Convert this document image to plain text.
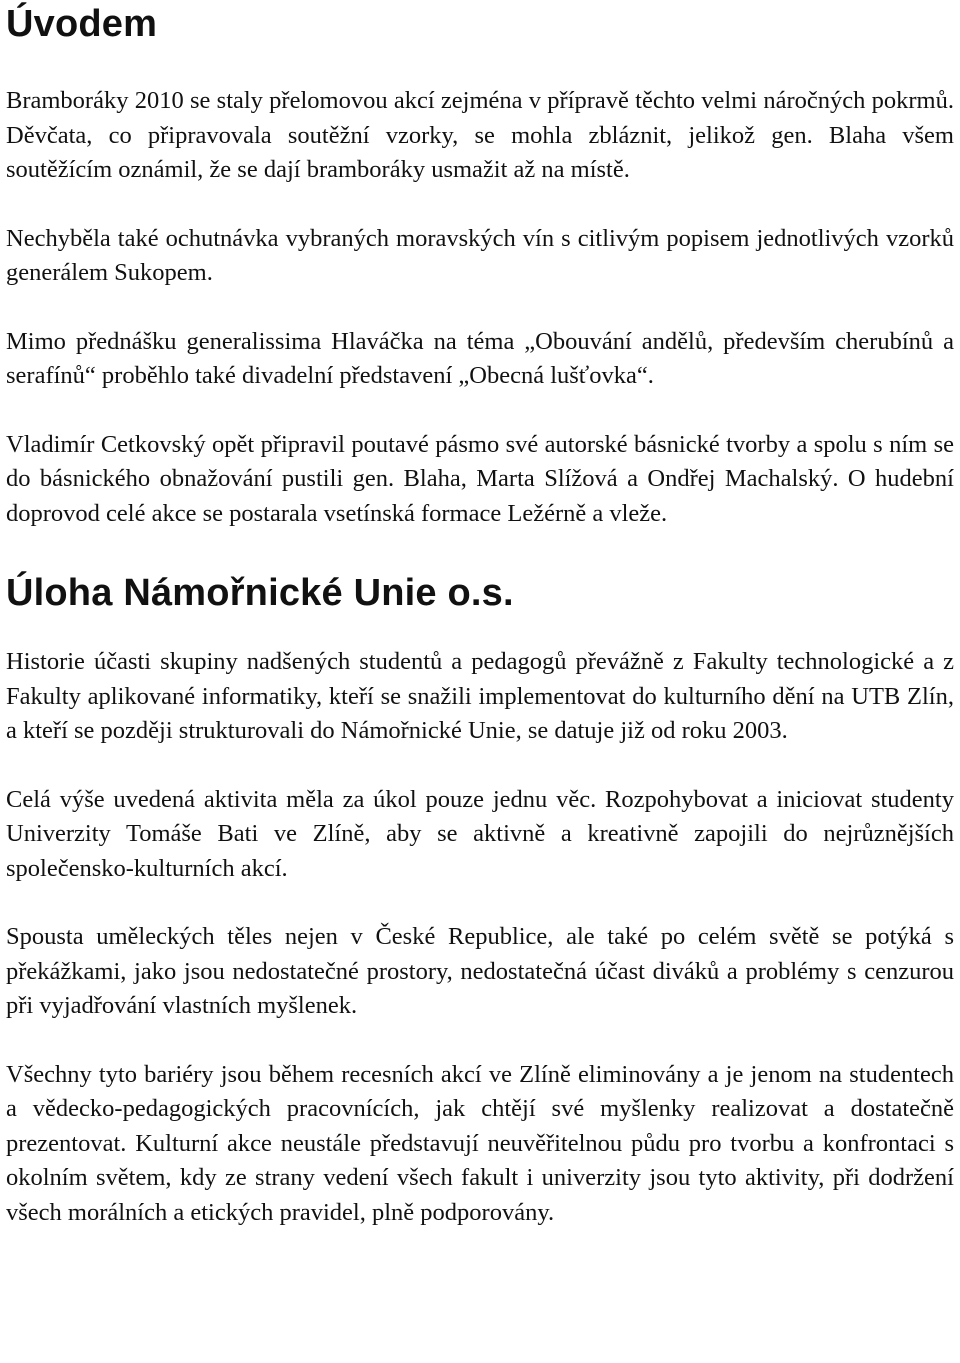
Úvodem

Bramboráky 2010 se staly přelomovou akcí zejména v přípravě těchto velmi náročných pokrmů. Děvčata, co připravovala soutěžní vzorky, se mohla zbláznit, jelikož gen. Blaha všem soutěžícím oznámil, že se dají bramboráky usmažit až na místě.

Nechyběla také ochutnávka vybraných moravských vín s citlivým popisem jednotlivých vzorků generálem Sukopem.

Mimo přednášku generalissima Hlaváčka na téma „Obouvání andělů, především cherubínů a serafínů“ proběhlo také divadelní představení „Obecná lušťovka“.

Vladimír Cetkovský opět připravil poutavé pásmo své autorské básnické tvorby a spolu s ním se do básnického obnažování pustili gen. Blaha, Marta Slížová a Ondřej Machalský. O hudební doprovod celé akce se postarala vsetínská formace Ležérně a vleže.

Úloha Námořnické Unie o.s.

Historie účasti skupiny nadšených studentů a pedagogů převážně z Fakulty technologické a z Fakulty aplikované informatiky, kteří se snažili implementovat do kulturního dění na UTB Zlín, a kteří se později strukturovali do Námořnické Unie, se datuje již od roku 2003.

Celá výše uvedená aktivita měla za úkol pouze jednu věc. Rozpohybovat a iniciovat studenty Univerzity Tomáše Bati ve Zlíně, aby se aktivně a kreativně zapojili do nejrůznějších společensko-kulturních akcí.

Spousta uměleckých těles nejen v České Republice, ale také po celém světě se potýká s překážkami, jako jsou nedostatečné prostory, nedostatečná účast diváků a problémy s cenzurou při vyjadřování vlastních myšlenek.

Všechny tyto bariéry jsou během recesních akcí ve Zlíně eliminovány a je jenom na studentech a vědecko-pedagogických pracovnících, jak chtějí své myšlenky realizovat a dostatečně prezentovat. Kulturní akce neustále představují neuvěřitelnou půdu pro tvorbu a konfrontaci s okolním světem, kdy ze strany vedení všech fakult i univerzity jsou tyto aktivity, při dodržení všech morálních a etických pravidel, plně podporovány.
